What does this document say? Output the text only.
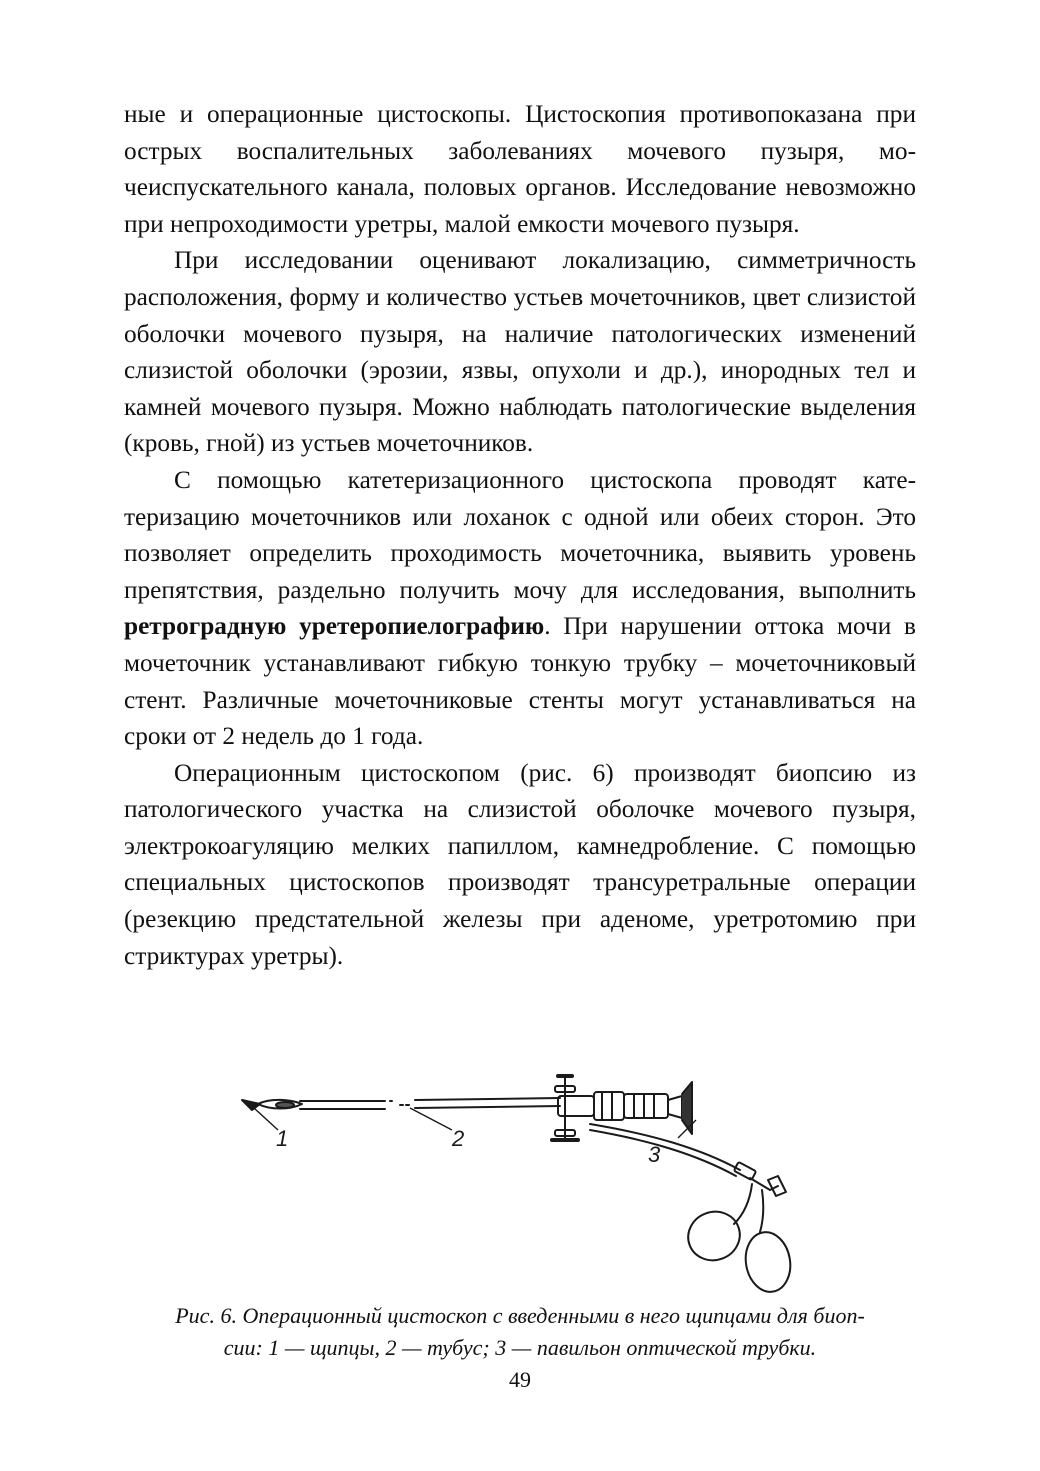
ные и операционные цистоскопы. Цистоскопия противопоказана при острых воспалительных заболеваниях мочевого пузыря, мочеиспускательного канала, половых органов. Исследование невозможно при непроходимости уретры, малой емкости мочевого пузыря.

При исследовании оценивают локализацию, симметричность расположения, форму и количество устьев мочеточников, цвет слизистой оболочки мочевого пузыря, на наличие патологических изменений слизистой оболочки (эрозии, язвы, опухоли и др.), инородных тел и камней мочевого пузыря. Можно наблюдать патологические выделения (кровь, гной) из устьев мочеточников.

С помощью катетеризационного цистоскопа проводят катетеризацию мочеточников или лоханок с одной или обеих сторон. Это позволяет определить проходимость мочеточника, выявить уровень препятствия, раздельно получить мочу для исследования, выполнить ретроградную уретеропиелографию. При нарушении оттока мочи в мочеточник устанавливают гибкую тонкую трубку – мочеточниковый стент. Различные мочеточниковые стенты могут устанавливаться на сроки от 2 недель до 1 года.

Операционным цистоскопом (рис. 6) производят биопсию из патологического участка на слизистой оболочке мочевого пузыря, электрокоагуляцию мелких папиллом, камнедробление. С помощью специальных цистоскопов производят трансуретральные операции (резекцию предстательной железы при аденоме, уретротомию при стриктурах уретры).

1	2
3
Рис. 6. Операционный цистоскоп с введенными в него щипцами для биоп-
сии: 1 — щипцы, 2 — тубус; 3 — павильон оптической трубки.
49
